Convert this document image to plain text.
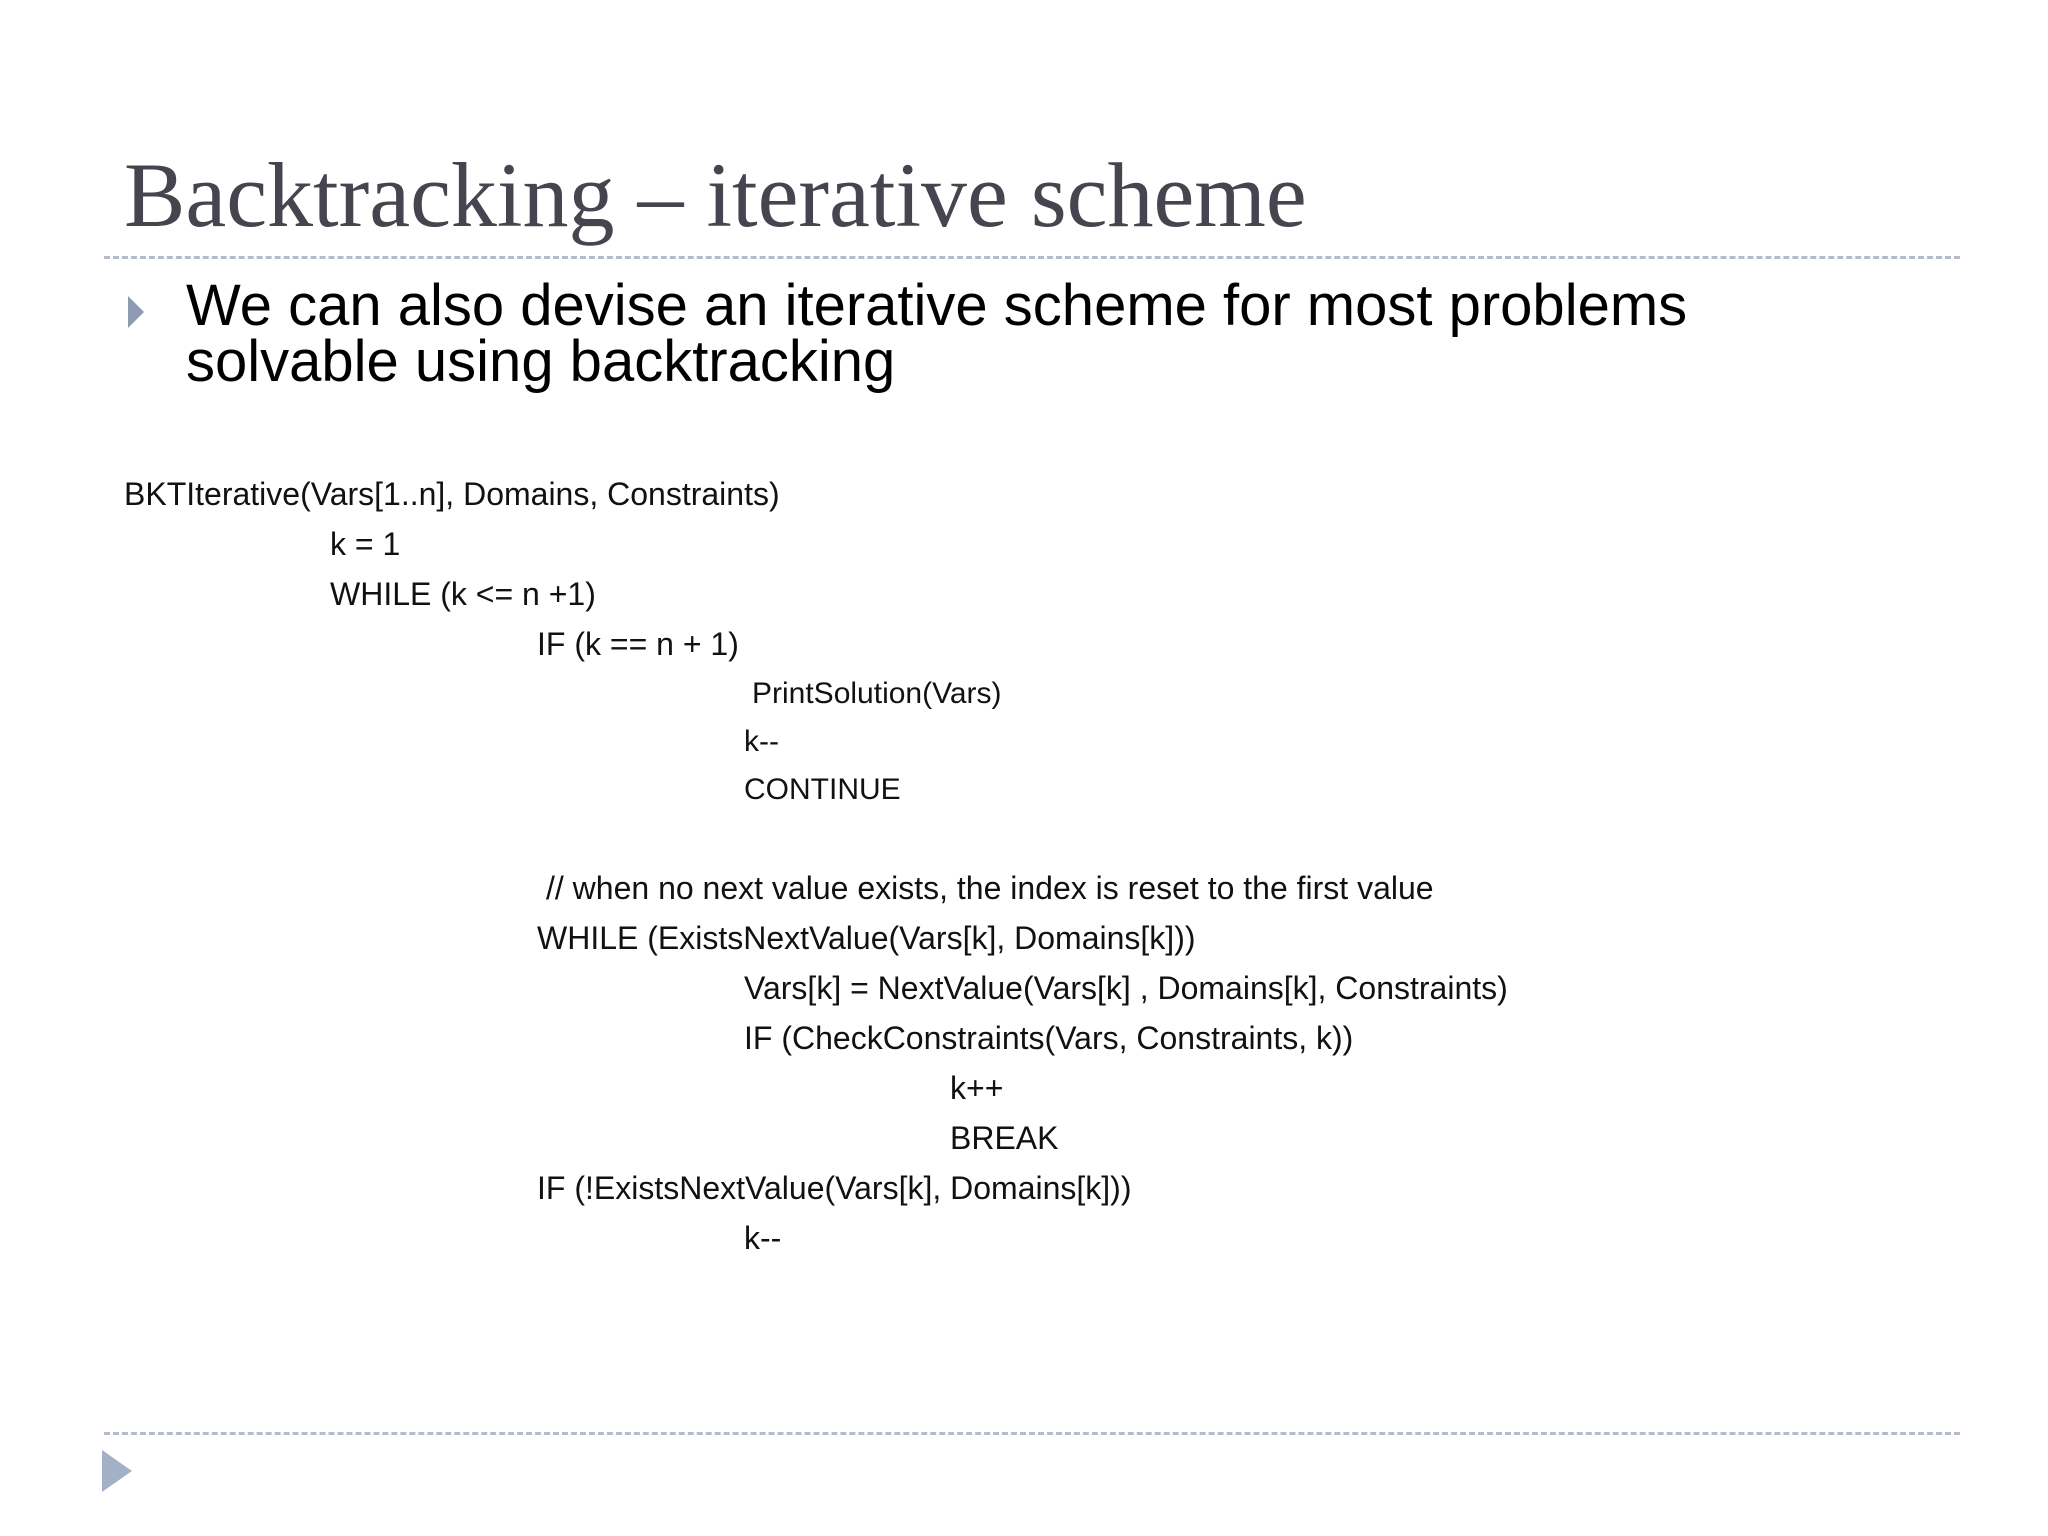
Backtracking – iterative scheme

We can also devise an iterative scheme for most problems solvable using backtracking

BKTIterative(Vars[1..n], Domains, Constraints)
k = 1
WHILE (k <= n +1)
IF (k == n + 1)
PrintSolution(Vars)
k--
CONTINUE
// when no next value exists, the index is reset to the first value
WHILE (ExistsNextValue(Vars[k], Domains[k]))
Vars[k] = NextValue(Vars[k] , Domains[k], Constraints)
IF (CheckConstraints(Vars, Constraints, k))
k++
BREAK
IF (!ExistsNextValue(Vars[k], Domains[k]))
k--
